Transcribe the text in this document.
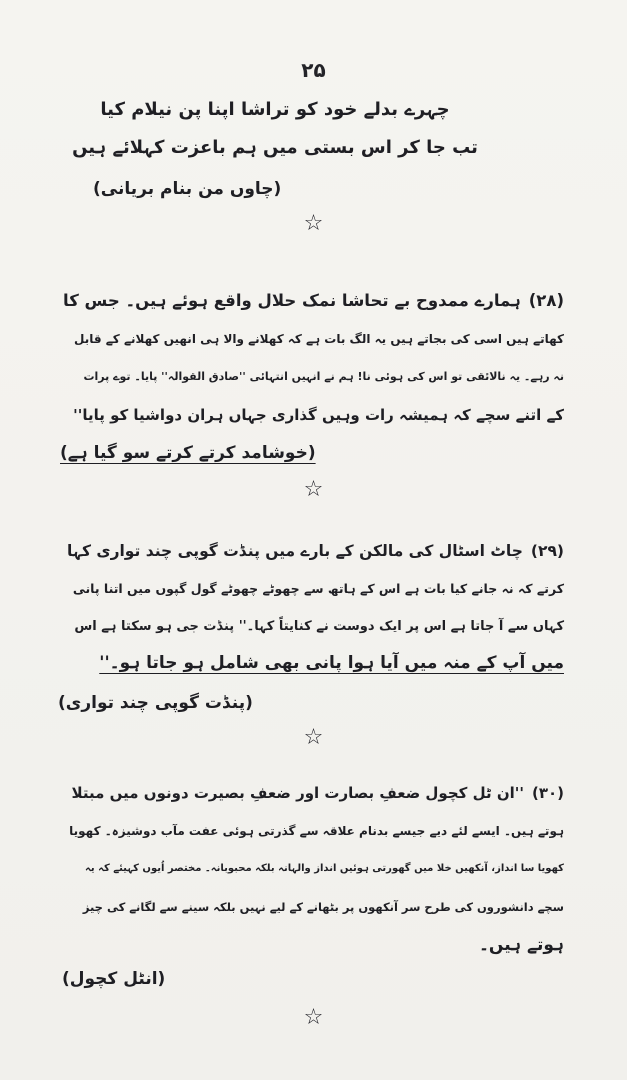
۲۵
چہرے بدلے خود کو تراشا اپنا پن نیلام کیا
تب جا کر اس بستی میں ہم باعزت کہلائے ہیں
(چاوں من بنام بریانی)
☆
(۲۸)ہمارے ممدوح بے تحاشا نمک حلال واقع ہوئے ہیں۔ جس کا
کھاتے ہیں اسی کی بجاتے ہیں یہ الگ بات ہے کہ کھلانے والا ہی انھیں کھلانے کے قابل
نہ رہے۔ یہ نالائقی تو اس کی ہوئی نا! ہم نے انہیں انتہائی ''صادق القوالہ'' پایا۔ توے پرات
کے اتنے سچے کہ ہمیشہ رات وہیں گذاری جہاں ہران دواشیا کو پایا''
(خوشامد کرتے کرتے سو گیا ہے)
☆
(۲۹)چاٹ اسٹال کی مالکن کے بارے میں پنڈت گوپی چند تواری کہا
کرتے کہ نہ جانے کیا بات ہے اس کے ہاتھ سے چھوٹے چھوٹے گول گپوں میں اتنا پانی
کہاں سے آ جاتا ہے اس پر ایک دوست نے کنایتاً کہا۔'' پنڈت جی ہو سکتا ہے اس
میں آپ کے منہ میں آیا ہوا پانی بھی شامل ہو جاتا ہو۔''
(پنڈت گوپی چند تواری)
☆
(۳۰)''ان ٹل کچول ضعفِ بصارت اور ضعفِ بصیرت دونوں میں مبتلا
ہوتے ہیں۔ ایسے لئے دیے جیسے بدنام علاقہ سے گذرتی ہوئی عفت مآب دوشیزہ۔ کھویا
کھویا سا انداز، آنکھیں خلا میں گھورتی ہوئیں انداز والہانہ بلکہ محبوبانہ۔ مختصر اُیوں کہیئے کہ یہ
سچے دانشوروں کی طرح سر آنکھوں پر بٹھانے کے لیے نہیں بلکہ سینے سے لگانے کی چیز
ہوتے ہیں۔
(انٹل کچول)
☆
